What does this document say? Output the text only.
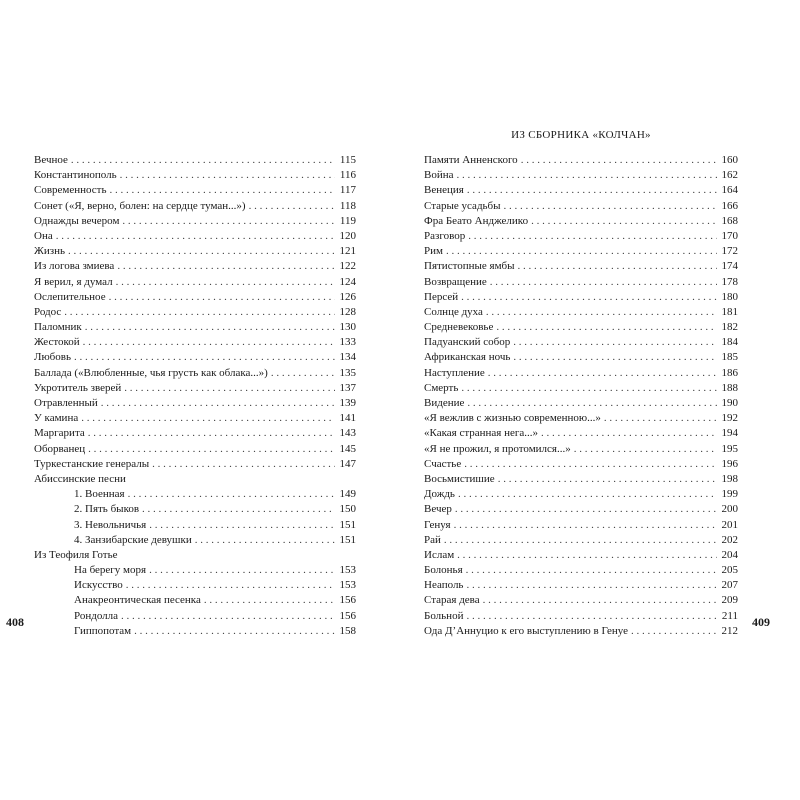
Вечное . . .	115
Константинополь . . .	116
Современность . . .	117
Сонет («Я, верно, болен: на сердце туман...») . . .	118
Однажды вечером . . .	119
Она . . .	120
Жизнь . . .	121
Из логова змиева . . .	122
Я верил, я думал . . .	124
Ослепительное . . .	126
Родос . . .	128
Паломник . . .	130
Жестокой . . .	133
Любовь . . .	134
Баллада («Влюбленные, чья грусть как облака...») . . .	135
Укротитель зверей . . .	137
Отравленный . . .	139
У камина . . .	141
Маргарита . . .	143
Оборванец . . .	145
Туркестанские генералы . . .	147
Абиссинские песни
1. Военная . . .	149
2. Пять быков . . .	150
3. Невольничья . . .	151
4. Занзибарские девушки . . .	151
Из Теофиля Готье
На берегу моря . . .	153
Искусство . . .	153
Анакреонтическая песенка . . .	156
Рондолла . . .	156
Гиппопотам . . .	158
ИЗ СБОРНИКА «КОЛЧАН»
Памяти Анненского . . .	160
Война . . .	162
Венеция . . .	164
Старые усадьбы . . .	166
Фра Беато Анджелико . . .	168
Разговор . . .	170
Рим . . .	172
Пятистопные ямбы . . .	174
Возвращение . . .	178
Персей . . .	180
Солнце духа . . .	181
Средневековье . . .	182
Падуанский собор . . .	184
Африканская ночь . . .	185
Наступление . . .	186
Смерть . . .	188
Видение . . .	190
«Я вежлив с жизнью современною...» . . .	192
«Какая странная нега...» . . .	194
«Я не прожил, я протомился...» . . .	195
Счастье . . .	196
Восьмистишие . . .	198
Дождь . . .	199
Вечер . . .	200
Генуя . . .	201
Рай . . .	202
Ислам . . .	204
Болонья . . .	205
Неаполь . . .	207
Старая дева . . .	209
Больной . . .	211
Ода Д’Аннуцио к его выступлению в Генуе . . .	212
408	409
